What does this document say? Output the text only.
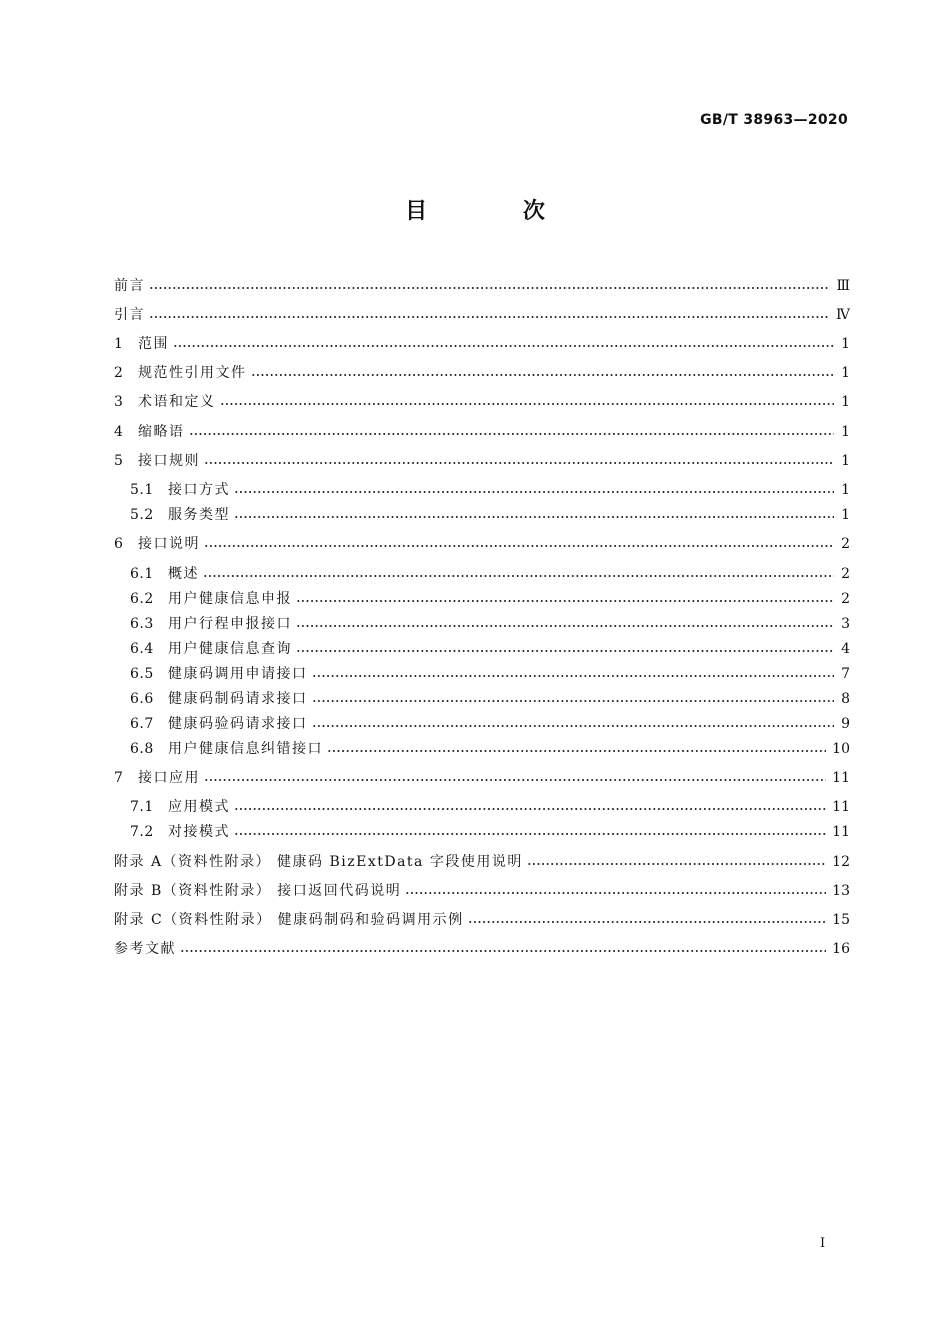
GB/T 38963—2020
目 次
前言	Ⅲ
引言	Ⅳ
1 范围	1
2 规范性引用文件	1
3 术语和定义	1
4 缩略语	1
5 接口规则	1
5.1 接口方式	1
5.2 服务类型	1
6 接口说明	2
6.1 概述	2
6.2 用户健康信息申报	2
6.3 用户行程申报接口	3
6.4 用户健康信息查询	4
6.5 健康码调用申请接口	7
6.6 健康码制码请求接口	8
6.7 健康码验码请求接口	9
6.8 用户健康信息纠错接口	10
7 接口应用	11
7.1 应用模式	11
7.2 对接模式	11
附录 A（资料性附录） 健康码 BizExtData 字段使用说明	12
附录 B（资料性附录） 接口返回代码说明	13
附录 C（资料性附录） 健康码制码和验码调用示例	15
参考文献	16
Ⅰ
